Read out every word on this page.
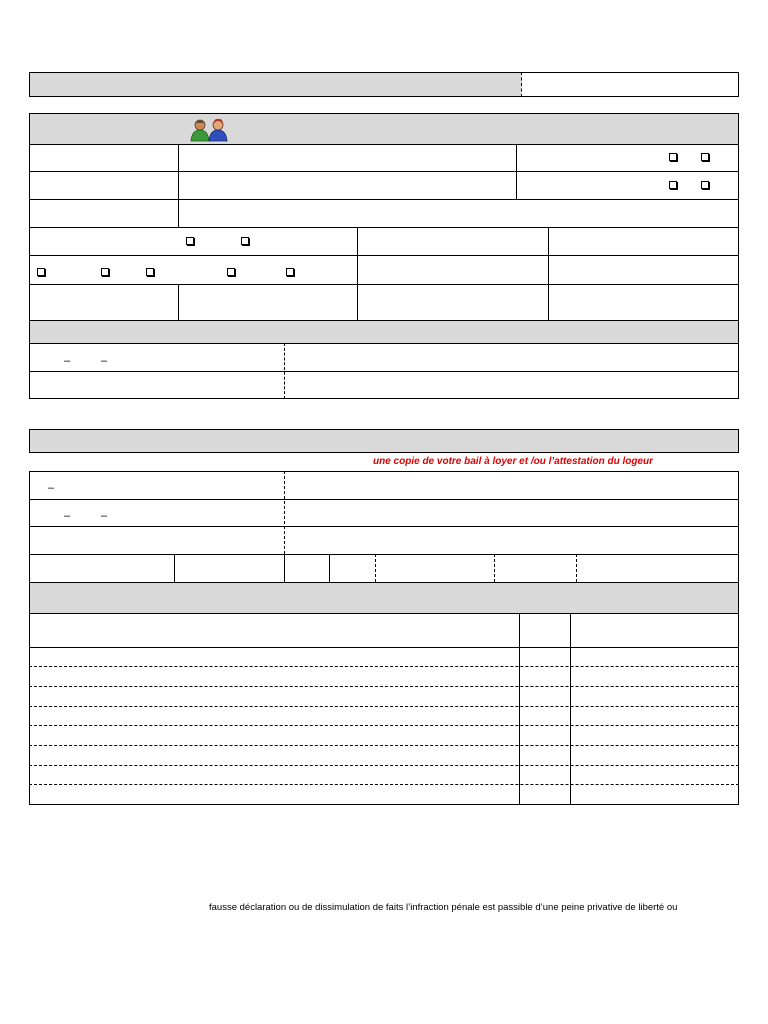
–	–
une copie de votre bail à loyer et /ou l’attestation du logeur
–
–	–
fausse déclaration ou de dissimulation de faits l’infraction pénale est passible d’une peine privative de liberté ou
